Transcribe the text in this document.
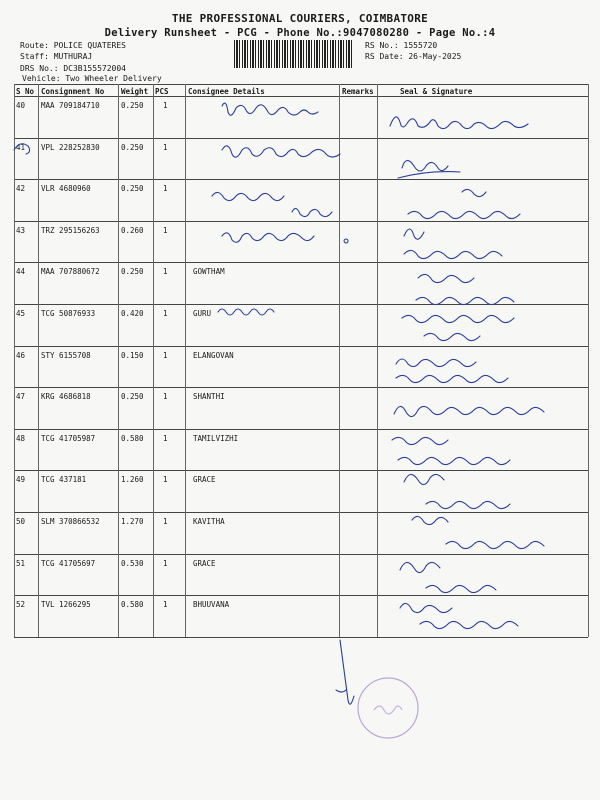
THE PROFESSIONAL COURIERS, COIMBATORE
Delivery Runsheet - PCG - Phone No.:9047080280 - Page No.:4
Route: POLICE QUATERES
Staff: MUTHURAJ
DRS No.: DC3B155572004
Vehicle: Two Wheeler Delivery
RS No.: 1555720
RS Date: 26-May-2025
S No Consignment No Weight PCS	Consignee Details	Remarks	Seal & Signature
40 MAA 709184710	0.250	1
41 VPL 228252830	0.250	1
42 VLR 4680960	0.250	1
43 TRZ 295156263	0.260	1
44 MAA 707880672	0.250	1	GOWTHAM
45 TCG 50876933	0.420	1	GURU
46 STY 6155708	0.150	1	ELANGOVAN
47 KRG 4686818	0.250	1	SHANTHI
48 TCG 41705987	0.580	1	TAMILVIZHI
49 TCG 437181	1.260	1	GRACE
50 SLM 370866532	1.270	1	KAVITHA
51 TCG 41705697	0.530	1	GRACE
52 TVL 1266295	0.580	1	BHUUVANA
